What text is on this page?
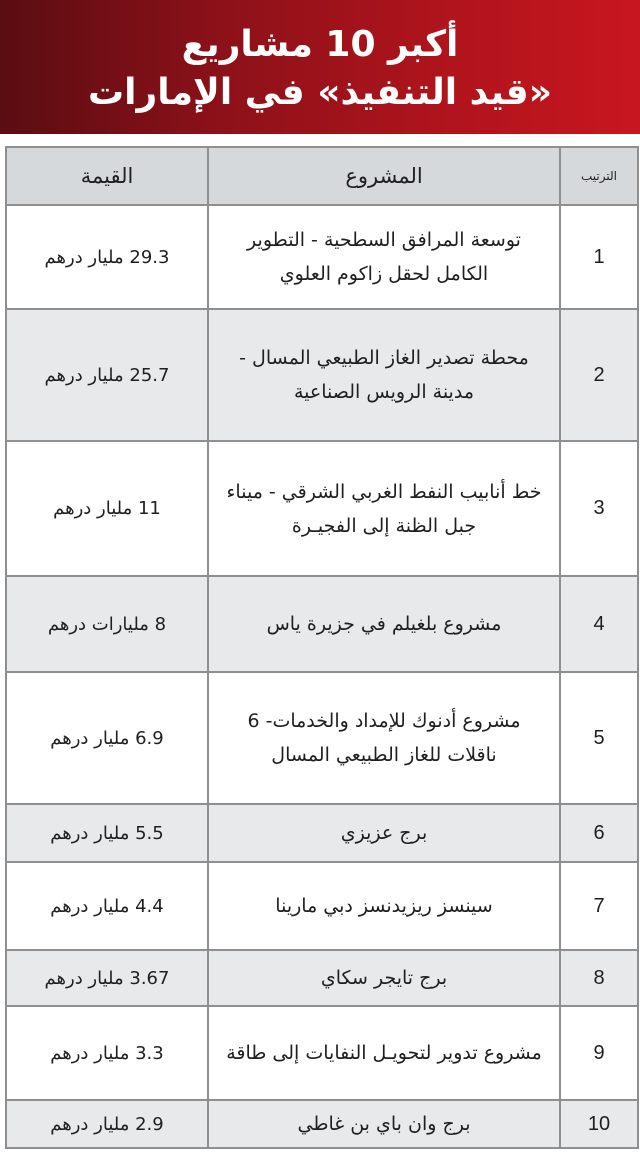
أكبر 10 مشاريع
«قيد التنفيذ» في الإمارات
الترتيب	المشروع	القيمة
1	توسعة المرافق السطحية - التطوير الكامل لحقل زاكوم العلوي	29.3 مليار درهم
2	محطة تصدير الغاز الطبيعي المسال - مدينة الرويس الصناعية	25.7 مليار درهم
3	خط أنابيب النفط الغربي الشرقي - ميناء جبل الظنة إلى الفجيـرة	11 مليار درهم
4	مشروع بلغيلم في جزيرة ياس	8 مليارات درهم
5	مشروع أدنوك للإمداد والخدمات- 6 ناقلات للغاز الطبيعي المسال	6.9 مليار درهم
6	برج عزيزي	5.5 مليار درهم
7	سينسز ريزيدنسز دبي مارينا	4.4 مليار درهم
8	برج تايجر سكاي	3.67 مليار درهم
9	مشروع تدوير لتحويـل النفايات إلى طاقة	3.3 مليار درهم
10	برج وان باي بن غاطي	2.9 مليار درهم
